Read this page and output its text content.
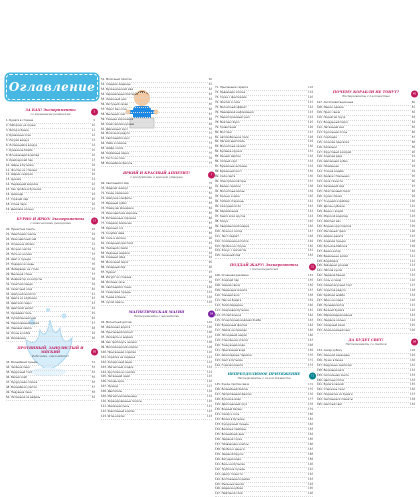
Оглавление
ЗА БАХ! Эксперименты
со взрывными реакциями	5
1. Бумага в стакане	9
2. Заборчик на груше	10
3. Ветер в банке	11
4. Бумажные огни	12
5. Рисуем ваздух	13
6. Лопающийся воздух	14
7. Бумажная бомба	15
8. Исчезающий водопад	16
9. Крейсерский пар	17
10. Шары в бутылке	18
11. Фонтан из стакана	19
12. Шарик-сюрприз	20
13. Цунами	21
14. Ныряющий водолаз	22
15. Как пробка в бутылке	23
16. Цилиндр	24
17. Горячий лёд	25
18. Стена пара	26
19. Дымовое кольцо	27
БУРНО И ЯРКО! Эксперименты
с химическими реакциями	17
20. Пушистые газеты	28
21. Левитация газеты	29
22. Разноцветный чай	30
23. Огненное облако	31
24. Рисуем снегом	32
25. Пить из носика	33
26. Цвет и пузыри	34
27. Подарок из воды	35
28. Фейерверк на столе	36
29. Мыльная стена	37
30. Индикатор из капусты	38
31. Газетная панда	39
32. Салютный след	40
33. Шипучий молоток	41
34. Цвета из клубники	42
35. Цветной смерч	43
36. Цветовой шёпот	44
37. Кровавая тюль	45
38. Суперпенный шар	46
39. Нарисованная горка	47
40. Лавовая лампа	48
41. Огонь в колбе	49
42. Рахманина	50
ПРОТЯННЫЙ, ЗАНОЗИСТЫЙ И МЯГКИЙ
Рабочими, снизойдите!
85
43. Волшебный пузырь	52
44. Зелёная пеня	53
45. Радужный торт	54
46. Вялый хлеб	55
47. Кукурузная спичка	56
48. Волшебная улитка	57
49. Надувная пена	58
50. Летающая из вафель	59
51. Молочный пластик	60
52. Сладкие леденцы	61
53. Вулканический мёд	62
54. Карамельные бактерии	63
55. Лимонный шок	64
56. Растущий сахар	65
57. Пирог без огня	66
58. Мыльный снег	67
59. Тающее мороженое	68
60. Клей своими руками	69
61. Движимый мусс	70
62. Молочная радуга	71
63. Светящийся мусс	72
64. Лайм в лимоне	73
65. Шифр соком	74
66. Кофейные зёрна	75
67. Тесто на соке	76
68. Волшебная фасоль	77
ЯРКИЙ И КРАСНЫЙ АППЕТИТ!
с продуктами и красной утварью	7
69. Светящийся лёд	79
70. Жидкий жемчуг	80
71. Танец изюминок	81
72. Шипучие конфеты	82
73. Вредный зубик	83
74. Плавучие фонарики	84
75. Разноцветная морковь	85
76. Витаминные порошки	86
77. Сладкий лимончик	87
78. Красный сок	88
79. Голубая лава	89
80. Соль в молоке	90
81. Сахарный кристалл	91
82. Палящий слайм	92
83. Ледяные шарики	93
84. Слоёный обед	94
85. Молочный пирог	95
86. Сахарный лёд	96
87. Пудинг	97
88. Йогурт из стакана	98
89. Рисовые часы	99
90. Светящийся тоник	100
91. Газировка пузырь	101
92. Тыква в банке	102
93. Сухой лимон	103
МАГНЕТИЧЕСКАЯ МАГИЯ
Эксперименты с магнитами	59
94. Магнитный датчик	104
95. Железная дорога	105
96. Прыгающий магнит	106
97. Лэпкарты и шарики	107
98. Как притянуть железо	108
99. Металлический компас	109
100. Прыгающая скрепка	110
101. Скрепка на сиденье	111
102. Загадочный ящик	112
103. Магнитный осадок	113
104. Крутилка из кнопки	114
105. Летающий змей	115
106. Гвоздь-кран	116
107. Лужица	117
108. Двигатель	118
109. Магнитная мельница	119
110. Экранированные полосы	120
111. Железная пыль	121
112. Реактивный компас	122
113. Игла-компас	123
71. Прыгающие скрепки	118
72. Падающие хлопья	119
73. Горка с фантиками	120
74. Фантик и силе	121
75. Магнитный эффект	122
76. Невидимая информация	123
77. Нерасторжимый узел	124
78. Маятник Фуко	125
79. Гравитация	126
80. Мостики	127
81. Автомобильное поле	128
82. Лёгкий двигатель	129
83. Магнитные качели	130
84. Булавка-кружок	131
85. Ранний мартин	132
86. Хитрый круг	133
87. Бумажные антенны	134
88. Бумажный мост	135
89. Сила света	136
90. Электроизоляторы	137
91. Белые скрепки	138
92. Магнитные волны	139
93. Кольцо и арка	140
94. Гибкий стержень	141
95. Скачущая игла	142
96. Карамельная	143
97. Книги всех кругов	144
98. Клоун	145
99. Сверхвысокий шарик	146
100. Ложка и холод	147
101. Лист-падает	148
102. Соломинка-рогатка	149
103. Пробка на струне	150
104. Фокус с магнитом	151
105. Снежный лёд	152
ПОДДАЙ ЖАРУ! Эксперименты
с теплопередачей	31
106. Огненная раковина	154
107. Ходячий пар	155
108. Черная свеча	156
109. Падающая монета	157
110. Тающий воск	158
111. Пар на бумаге	159
112. Теплопередача	160
113. Смерчевая бутылка	161
114. Отопительное	162
115. Огнеупорная водяная бомба	163
116. Бумажный фантик	164
117. Лампа на проводе	165
118. Лопнувший шарик	166
119. Стеклянное стекло	167
120. Танцующая вода	168
121. Прыгающая вода	169
122. Шоколадные тарелки	170
123. Свет в бутылке	171
124. Горячая ракета	172
НЕПРЕОДОЛИМОЕ ПРИТЯЖЕНИЕ
Эксперименты с силой тяжести	71
125. Куклы против свечи	174
126. Волшебный баллон	175
127. Непропавший фантик	176
128. Бутылка-маяк	177
129. Драгоценный груз	178
130. Водный баланс	179
131. Сахар и соль	180
132. Волна в бутылке	181
133. Кукурузный пузырь	182
134. Весёлые приборы	183
135. Волшебный дым	184
136. Ледяная горка	185
137. Плавающие клипсы	186
138. Пробка и деньги	187
139. Ледяной брусок	188
140. Бегущая вода	189
141. Весы на бутылке	190
142. Трубочка-пузырь	191
143. Центр тяжести	192
144. Болтающиеся рыбки	193
145. Мыльные мысли	194
146. Шарики-кубики	195
147. Нефтяной слой	196
ПОЧЕМУ КОРАБЛИ НЕ ТОНУТ?
Эксперименты с плотностью	45
107. Антигравитационные	80
108. Мешок одеяла	81
109. Пресс свечи	82
110. Поднятие груза	83
111. Воздушный пирог	84
112. Летающий мел	85
113. Кукольный огонь	86
114. Гирлянда	87
115. Слонова прыгалка	88
116. Капельки	89
117. Фруктовый калорий	90
118. Ходячая ряда	91
119. Шагающий кубик	92
120. Пламенник	93
121. Точная ходьба	94
122. Кривое стёклышко	95
123. Сила тяжести	96
124. Капающий мёд	97
125. Пластиковый пирог	98
126. Сухая спичка	99
127. Тонущий кораблик	100
128. Дрожь кубиков	101
129. Банка с водой	102
130. Морской водопад	103
131. Жёлтый мяч	104
132. Водная кругосветка	105
133. Масляный треск	106
134. Шарик-ракета	107
135. Ходячая пузыри	108
136. Бутылка-бабочка	109
137. Банка-катер	110
138. Ванильные капли	111
139. Водобойка	112
140. Звёздный урожай	113
141. Лёгкая кукла	114
142. Ледяная башня	115
143. Соль и сахар	116
144. Самый вкусный торт	117
145. Скрытая радуга	118
146. Удобная шайба	119
147. Яйцо на ковре	120
148. Пульверизатор	121
149. Вечный бумага	122
150. Мармеладная вишня	123
151. Ледяное кольцо	124
152. Сахарный ёжик	125
153. Апельсиновый кекс	126
ДА БУДЕТ СВЕТ!
Эксперименты со светом	99
154. Сахар кубику	128
155. Свечной карандаш	129
156. Лучик в банке	130
157. Радужные лампочки	131
158. Вихрящая вата	132
159. Сигнальная лента	133
160. Цветные пятна	134
161. Бумага свечей	135
162. Стержень тени	136
163. Подсветка из бумаги	137
164. Светящиеся плакаты	138
165. Светлый свет	139
